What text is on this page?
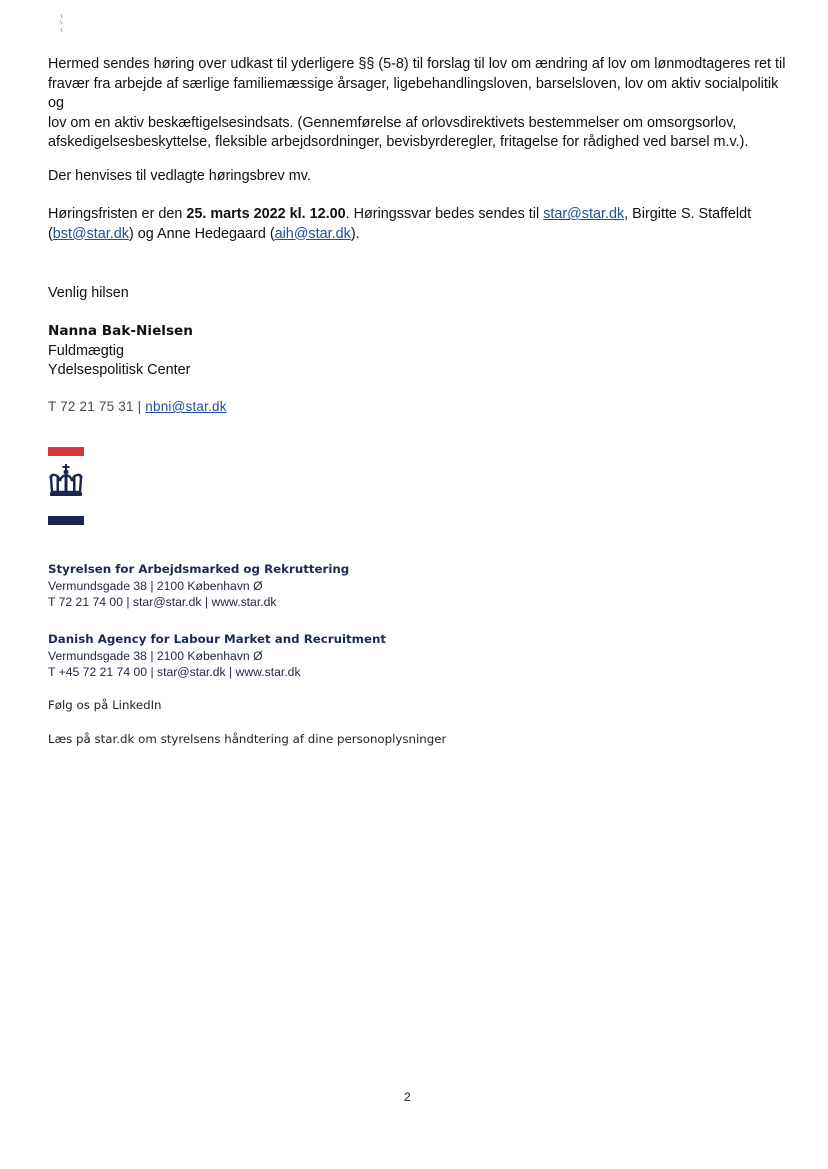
Hermed sendes høring over udkast til yderligere §§ (5-8) til forslag til lov om ændring af lov om lønmodtageres ret til

fravær fra arbejde af særlige familiemæssige årsager, ligebehandlingsloven, barselsloven, lov om aktiv socialpolitik

og

lov om en aktiv beskæftigelsesindsats. (Gennemførelse af orlovsdirektivets bestemmelser om omsorgsorlov,

afskedigelsesbeskyttelse, fleksible arbejdsordninger, bevisbyrderegler, fritagelse for rådighed ved barsel m.v.).

Der henvises til vedlagte høringsbrev mv.

Høringsfristen er den 25. marts 2022 kl. 12.00. Høringssvar bedes sendes til star@star.dk, Birgitte S. Staffeldt

(bst@star.dk) og Anne Hedegaard (aih@star.dk).

Venlig hilsen
Nanna Bak-Nielsen
Fuldmægtig
Ydelsespolitisk Center
T 72 21 75 31 | nbni@star.dk
Styrelsen for Arbejdsmarked og Rekruttering
Vermundsgade 38 | 2100 København Ø
T 72 21 74 00 | star@star.dk | www.star.dk
Danish Agency for Labour Market and Recruitment
Vermundsgade 38 | 2100 København Ø
T +45 72 21 74 00 | star@star.dk | www.star.dk
Følg os på LinkedIn
Læs på star.dk om styrelsens håndtering af dine personoplysninger
2
